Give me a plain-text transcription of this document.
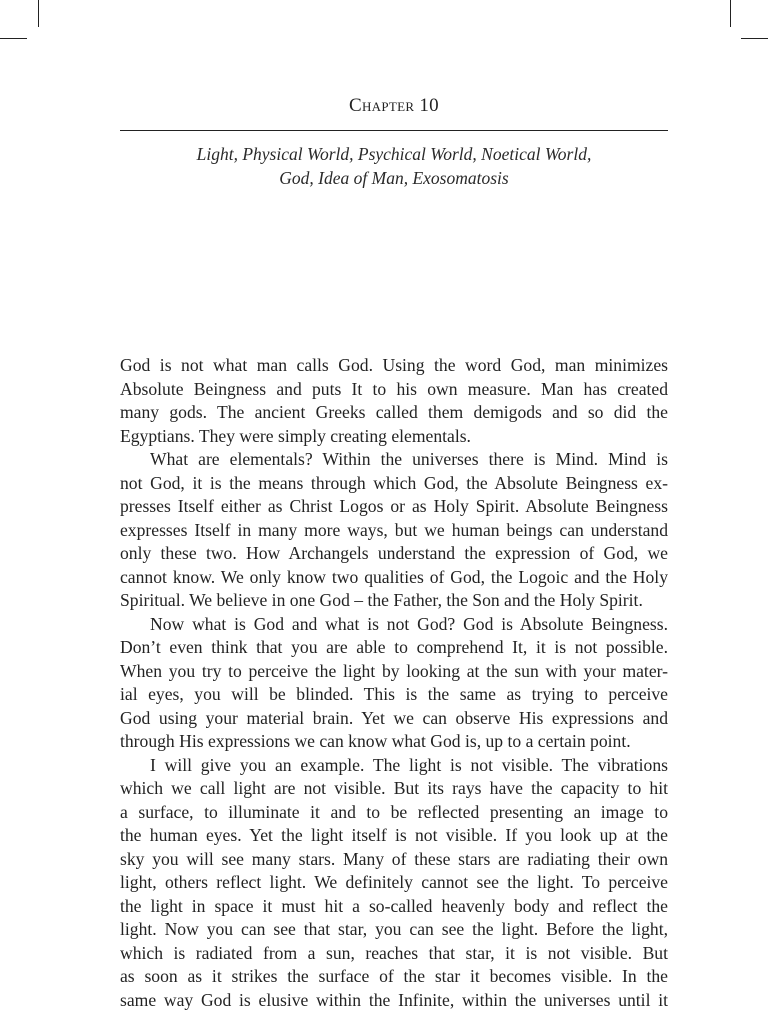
Chapter 10
Light, Physical World, Psychical World, Noetical World,
God, Idea of Man, Exosomatosis

God is not what man calls God. Using the word God, man minimizes

Absolute Beingness and puts It to his own measure. Man has created

many gods. The ancient Greeks called them demigods and so did the

Egyptians. They were simply creating elementals.

What are elementals? Within the universes there is Mind. Mind is

not God, it is the means through which God, the Absolute Beingness ex-

presses Itself either as Christ Logos or as Holy Spirit. Absolute Beingness

expresses Itself in many more ways, but we human beings can understand

only these two. How Archangels understand the expression of God, we

cannot know. We only know two qualities of God, the Logoic and the Holy

Spiritual. We believe in one God – the Father, the Son and the Holy Spirit.

Now what is God and what is not God? God is Absolute Beingness.

Don’t even think that you are able to comprehend It, it is not possible.

When you try to perceive the light by looking at the sun with your mater-

ial eyes, you will be blinded. This is the same as trying to perceive

God using your material brain. Yet we can observe His expressions and

through His expressions we can know what God is, up to a certain point.

I will give you an example. The light is not visible. The vibrations

which we call light are not visible. But its rays have the capacity to hit

a surface, to illuminate it and to be reflected presenting an image to

the human eyes. Yet the light itself is not visible. If you look up at the

sky you will see many stars. Many of these stars are radiating their own

light, others reflect light. We definitely cannot see the light. To perceive

the light in space it must hit a so-called heavenly body and reflect the

light. Now you can see that star, you can see the light. Before the light,

which is radiated from a sun, reaches that star, it is not visible. But

as soon as it strikes the surface of the star it becomes visible. In the

same way God is elusive within the Infinite, within the universes until it
